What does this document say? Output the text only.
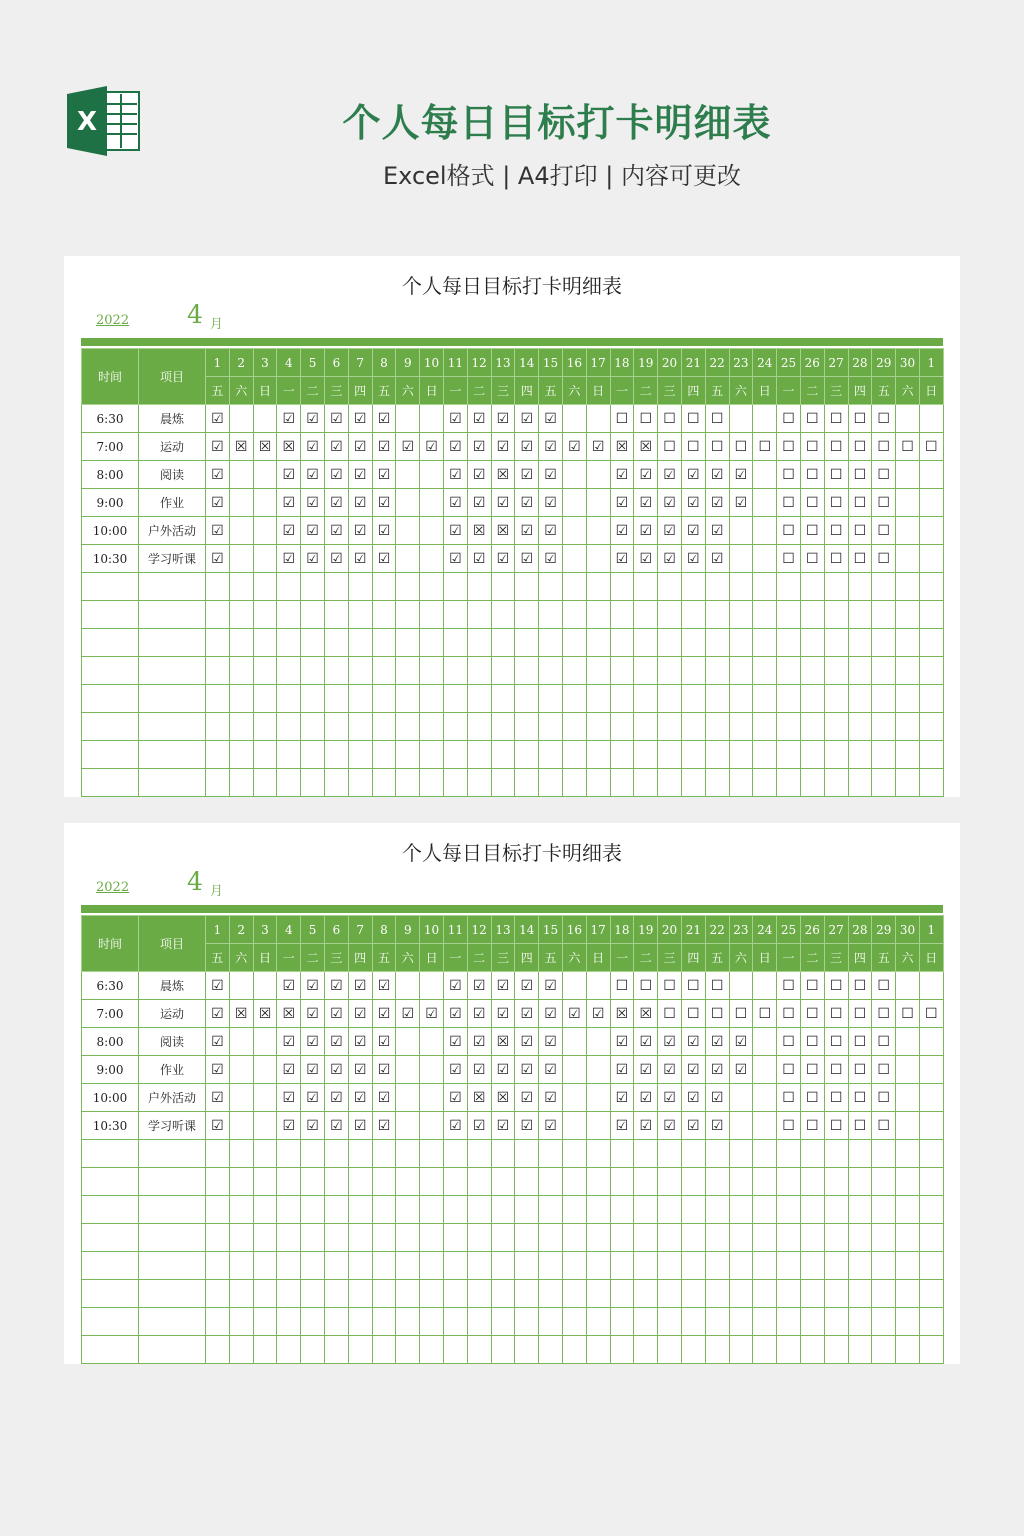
X	个人每日目标打卡明细表
Excel格式 | A4打印 | 内容可更改
个人每日目标打卡明细表
2022 4 月
时间	项目	1	2	3	4	5	6	7	8	9	10	11	12	13	14	15	16	17	18	19	20	21	22	23	24	25	26	27	28	29	30	1
		五	六	日	一	二	三	四	五	六	日	一	二	三	四	五	六	日	一	二	三	四	五	六	日	一	二	三	四	五	六	日
6:30	晨炼	☑			☑	☑	☑	☑	☑			☑	☑	☑	☑	☑			☐	☐	☐	☐	☐			☐	☐	☐	☐	☐		
7:00	运动	☑	☒	☒	☒	☑	☑	☑	☑	☑	☑	☑	☑	☑	☑	☑	☑	☑	☒	☒	☐	☐	☐	☐	☐	☐	☐	☐	☐	☐	☐	☐
8:00	阅读	☑			☑	☑	☑	☑	☑			☑	☑	☒	☑	☑			☑	☑	☑	☑	☑	☑		☐	☐	☐	☐	☐		
9:00	作业	☑			☑	☑	☑	☑	☑			☑	☑	☑	☑	☑			☑	☑	☑	☑	☑	☑		☐	☐	☐	☐	☐		
10:00	户外活动	☑			☑	☑	☑	☑	☑			☑	☒	☒	☑	☑			☑	☑	☑	☑	☑			☐	☐	☐	☐	☐		
10:30	学习听课	☑			☑	☑	☑	☑	☑			☑	☑	☑	☑	☑			☑	☑	☑	☑	☑			☐	☐	☐	☐	☐		

个人每日目标打卡明细表
2022 4 月
时间	项目	1	2	3	4	5	6	7	8	9	10	11	12	13	14	15	16	17	18	19	20	21	22	23	24	25	26	27	28	29	30	1
		五	六	日	一	二	三	四	五	六	日	一	二	三	四	五	六	日	一	二	三	四	五	六	日	一	二	三	四	五	六	日
6:30	晨炼	☑			☑	☑	☑	☑	☑			☑	☑	☑	☑	☑			☐	☐	☐	☐	☐			☐	☐	☐	☐	☐		
7:00	运动	☑	☒	☒	☒	☑	☑	☑	☑	☑	☑	☑	☑	☑	☑	☑	☑	☑	☒	☒	☐	☐	☐	☐	☐	☐	☐	☐	☐	☐	☐	☐
8:00	阅读	☑			☑	☑	☑	☑	☑			☑	☑	☒	☑	☑			☑	☑	☑	☑	☑	☑		☐	☐	☐	☐	☐		
9:00	作业	☑			☑	☑	☑	☑	☑			☑	☑	☑	☑	☑			☑	☑	☑	☑	☑	☑		☐	☐	☐	☐	☐		
10:00	户外活动	☑			☑	☑	☑	☑	☑			☑	☒	☒	☑	☑			☑	☑	☑	☑	☑			☐	☐	☐	☐	☐		
10:30	学习听课	☑			☑	☑	☑	☑	☑			☑	☑	☑	☑	☑			☑	☑	☑	☑	☑			☐	☐	☐	☐	☐		
